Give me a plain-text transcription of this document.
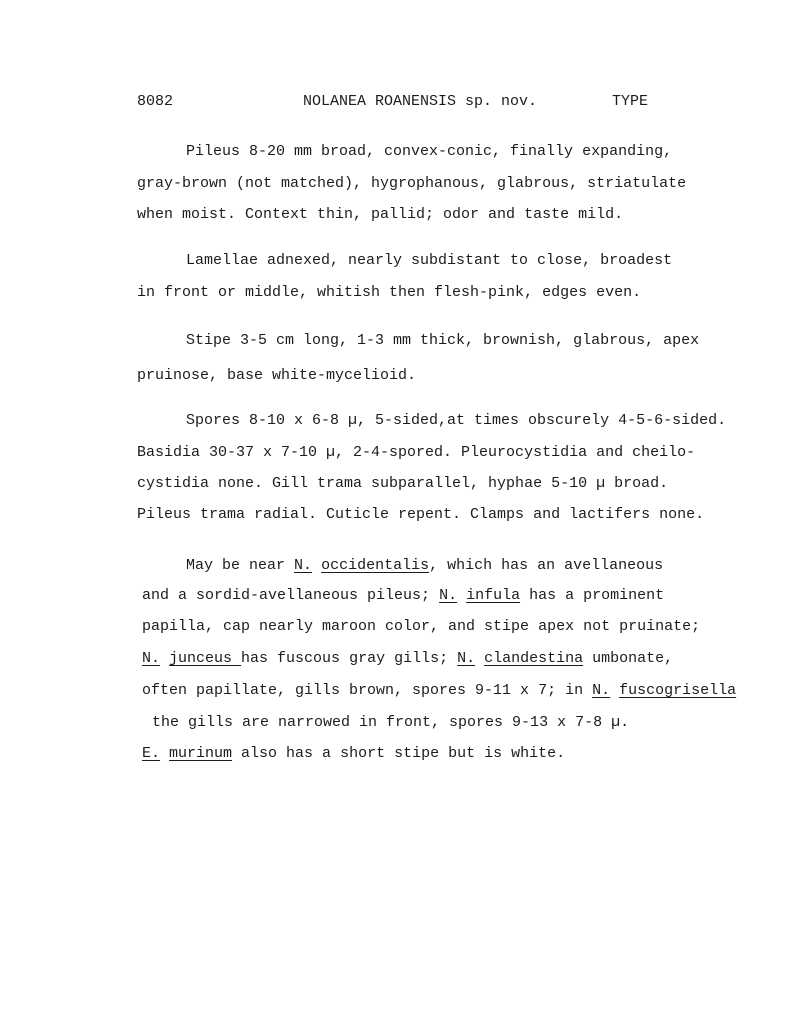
8082	NOLANEA ROANENSIS sp. nov.	TYPE
Pileus 8-20 mm broad, convex-conic, finally expanding,
gray-brown (not matched), hygrophanous, glabrous, striatulate
when moist. Context thin, pallid; odor and taste mild.
Lamellae adnexed, nearly subdistant to close, broadest
in front or middle, whitish then flesh-pink, edges even.
Stipe 3-5 cm long, 1-3 mm thick, brownish, glabrous, apex
pruinose, base white-mycelioid.
Spores 8-10 x 6-8 µ, 5-sided,at times obscurely 4-5-6-sided.
Basidia 30-37 x 7-10 µ, 2-4-spored. Pleurocystidia and cheilo-
cystidia none. Gill trama subparallel, hyphae 5-10 µ broad.
Pileus trama radial. Cuticle repent. Clamps and lactifers none.
May be near N. occidentalis, which has an avellaneous
and a sordid-avellaneous pileus; N. infula has a prominent
papilla, cap nearly maroon color, and stipe apex not pruinate;
N. junceus has fuscous gray gills; N. clandestina umbonate,
often papillate, gills brown, spores 9-11 x 7; in N. fuscogrisella
the gills are narrowed in front, spores 9-13 x 7-8 µ.
E. murinum also has a short stipe but is white.
